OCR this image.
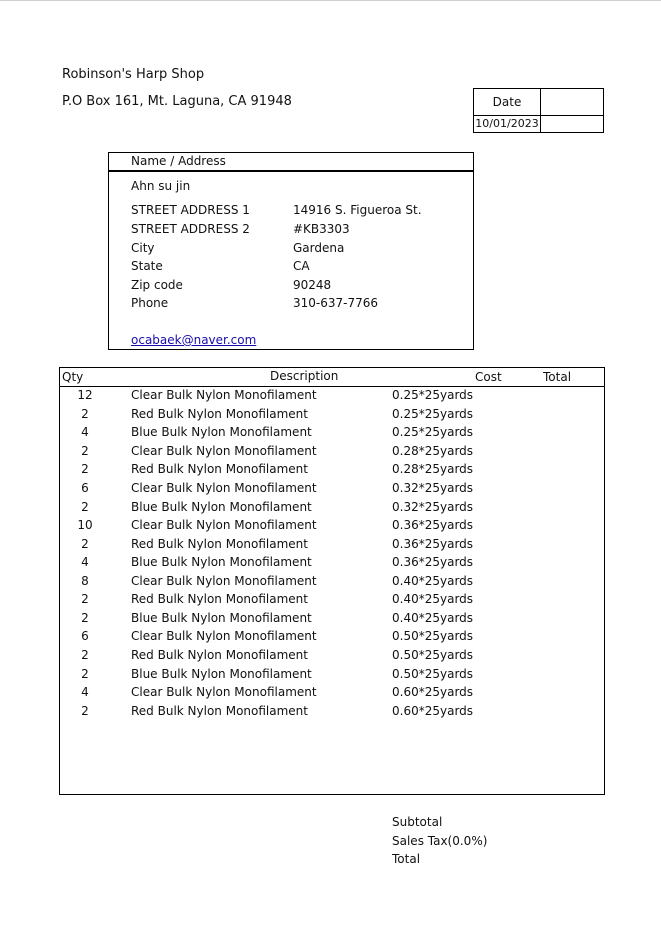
Robinson's Harp Shop
P.O Box 161, Mt. Laguna, CA 91948	Date
10/01/2023
Name / Address
Ahn su jin
STREET ADDRESS 1	14916 S. Figueroa St.
STREET ADDRESS 2	#KB3303
City	Gardena
State	CA
Zip code	90248
Phone	310-637-7766
ocabaek@naver.com
Qty	Description	Cost	Total
12	Clear Bulk Nylon Monofilament	0.25*25yards
2	Red Bulk Nylon Monofilament	0.25*25yards
4	Blue Bulk Nylon Monofilament	0.25*25yards
2	Clear Bulk Nylon Monofilament	0.28*25yards
2	Red Bulk Nylon Monofilament	0.28*25yards
6	Clear Bulk Nylon Monofilament	0.32*25yards
2	Blue Bulk Nylon Monofilament	0.32*25yards
10	Clear Bulk Nylon Monofilament	0.36*25yards
2	Red Bulk Nylon Monofilament	0.36*25yards
4	Blue Bulk Nylon Monofilament	0.36*25yards
8	Clear Bulk Nylon Monofilament	0.40*25yards
2	Red Bulk Nylon Monofilament	0.40*25yards
2	Blue Bulk Nylon Monofilament	0.40*25yards
6	Clear Bulk Nylon Monofilament	0.50*25yards
2	Red Bulk Nylon Monofilament	0.50*25yards
2	Blue Bulk Nylon Monofilament	0.50*25yards
4	Clear Bulk Nylon Monofilament	0.60*25yards
2	Red Bulk Nylon Monofilament	0.60*25yards
Subtotal
Sales Tax(0.0%)
Total
